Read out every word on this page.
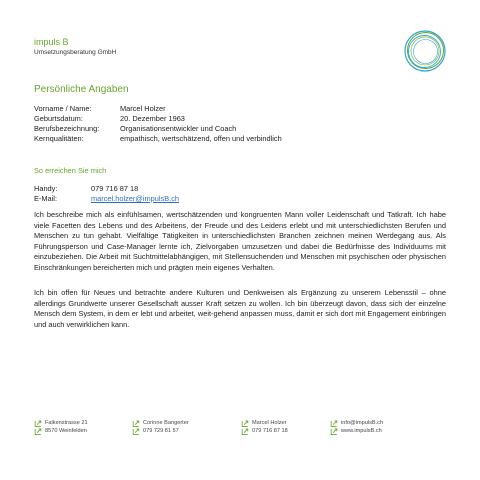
impuls B
Umsetzungsberatung GmbH
Persönliche Angaben
Vorname / Name:	Marcel Holzer
Geburtsdatum:	20. Dezember 1963
Berufsbezeichnung:	Organisationsentwickler und Coach
Kernqualitäten:	empathisch, wertschätzend, offen und verbindlich
So erreichen Sie mich
Handy:	079 716 87 18
E-Mail:	marcel.holzer@impulsB.ch

Ich beschreibe mich als einfühlsamen, wertschätzenden und kongruenten Mann voller Leidenschaft und Tatkraft. Ich habe viele Facetten des Lebens und des Arbeitens, der Freude und des Leidens erlebt und mit unterschiedlichsten Berufen und Menschen zu tun gehabt. Vielfältige Tätigkeiten in unterschiedlichsten Branchen zeichnen meinen Werdegang aus. Als Führungsperson und Case-Manager lernte ich, Zielvorgaben umzusetzen und dabei die Bedürfnisse des Individuums mit einzubeziehen. Die Arbeit mit Suchtmittelabhängigen, mit Stellensuchenden und Menschen mit psychischen oder physischen Einschränkungen bereicherten mich und prägten mein eigenes Verhalten.

Ich bin offen für Neues und betrachte andere Kulturen und Denkweisen als Ergänzung zu unserem Lebensstil – ohne allerdings Grundwerte unserer Gesellschaft ausser Kraft setzen zu wollen. Ich bin überzeugt davon, dass sich der einzelne Mensch dem System, in dem er lebt und arbeitet, weit-gehend anpassen muss, damit er sich dort mit Engagement einbringen und auch verwirklichen kann.

Falkenstrasse 21
8570 Weinfelden
Corinne Bangerter
079 729 81 57
Marcel Holzer
079 716 87 18
info@impulsB.ch
www.impulsB.ch
